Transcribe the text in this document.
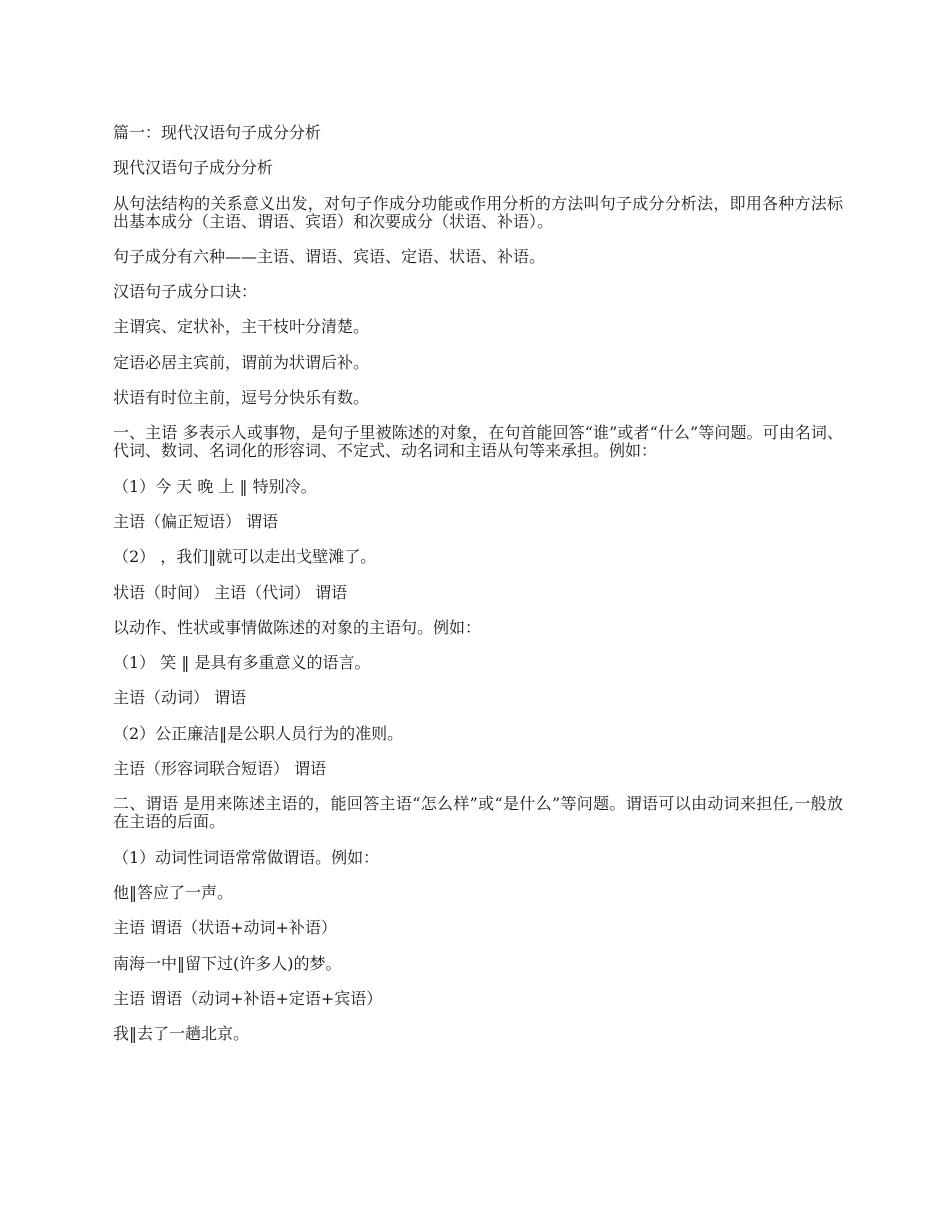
篇一：现代汉语句子成分分析

现代汉语句子成分分析

从句法结构的关系意义出发，对句子作成分功能或作用分析的方法叫句子成分分析法，即用各种方法标出基本成分（主语、谓语、宾语）和次要成分（状语、补语）。

句子成分有六种——主语、谓语、宾语、定语、状语、补语。

汉语句子成分口诀：

主谓宾、定状补，主干枝叶分清楚。

定语必居主宾前，谓前为状谓后补。

状语有时位主前，逗号分快乐有数。

一、主语 多表示人或事物，是句子里被陈述的对象，在句首能回答“谁”或者“什么”等问题。可由名词、代词、数词、名词化的形容词、不定式、动名词和主语从句等来承担。例如：

（1）今 天 晚 上 ‖ 特别冷。

主语（偏正短语） 谓语

（2） ，我们‖就可以走出戈壁滩了。

状语（时间） 主语（代词） 谓语

以动作、性状或事情做陈述的对象的主语句。例如：

（1） 笑 ‖ 是具有多重意义的语言。

主语（动词） 谓语

（2）公正廉洁‖是公职人员行为的准则。

主语（形容词联合短语） 谓语

二、谓语 是用来陈述主语的，能回答主语“怎么样”或“是什么”等问题。谓语可以由动词来担任,一般放在主语的后面。

（1）动词性词语常常做谓语。例如：

他‖答应了一声。

主语 谓语（状语+动词+补语）

南海一中‖留下过(许多人)的梦。

主语 谓语（动词+补语+定语+宾语）

我‖去了一趟北京。
